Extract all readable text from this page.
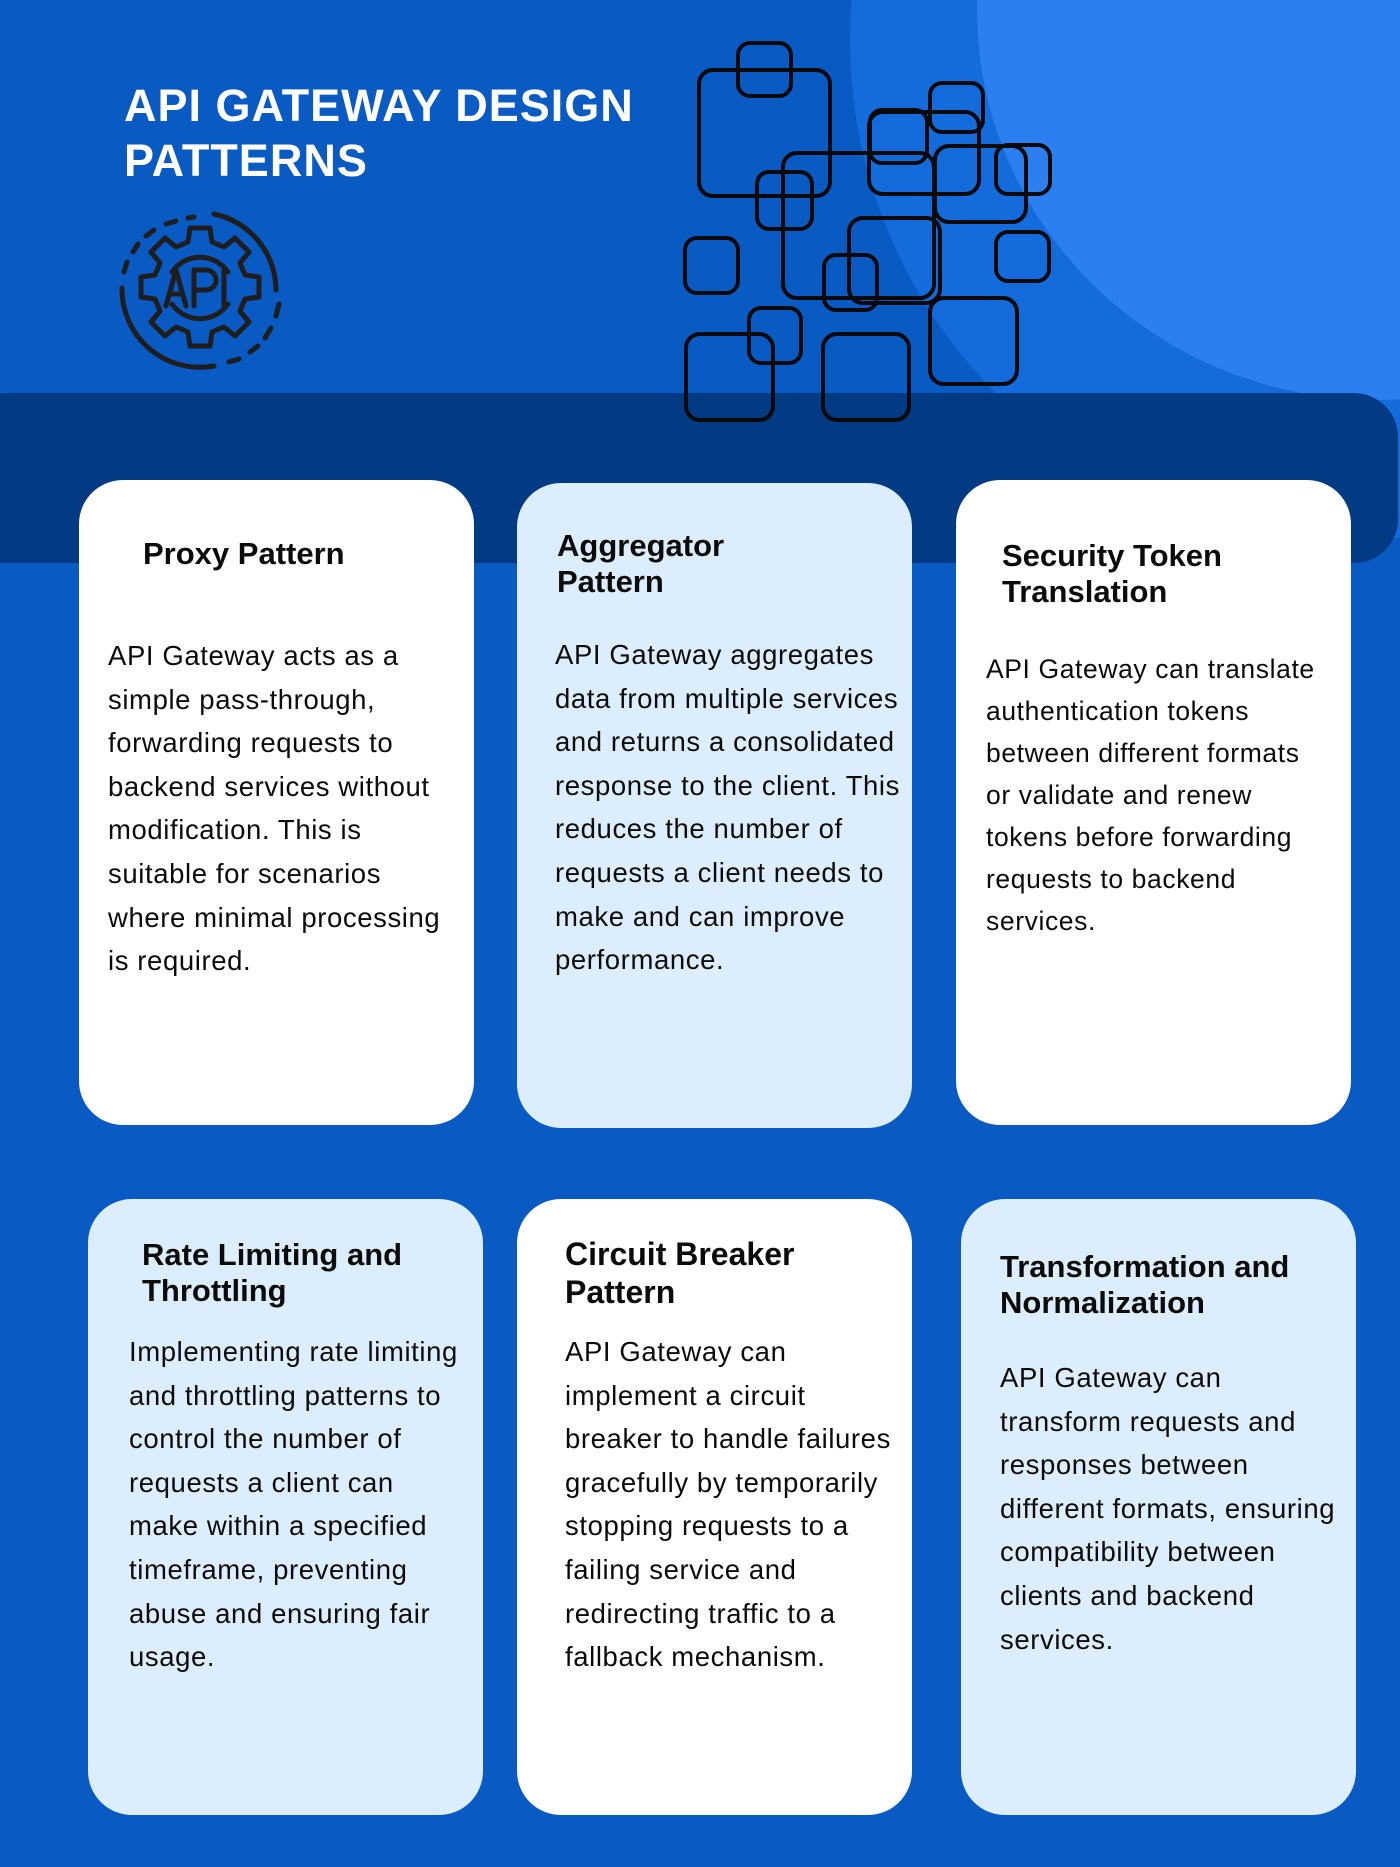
API GATEWAY DESIGN
PATTERNS
Proxy Pattern

API Gateway acts as a simple pass-through, forwarding requests to backend services without modification. This is suitable for scenarios where minimal processing is required.

Aggregator Pattern

API Gateway aggregates data from multiple services and returns a consolidated response to the client. This reduces the number of requests a client needs to make and can improve performance.

Security Token Translation

API Gateway can translate authentication tokens between different formats or validate and renew tokens before forwarding requests to backend services.

Rate Limiting and Throttling

Implementing rate limiting and throttling patterns to control the number of requests a client can make within a specified timeframe, preventing abuse and ensuring fair usage.

Circuit Breaker Pattern

API Gateway can implement a circuit breaker to handle failures gracefully by temporarily stopping requests to a failing service and redirecting traffic to a fallback mechanism.

Transformation and Normalization

API Gateway can transform requests and responses between different formats, ensuring compatibility between clients and backend services.
